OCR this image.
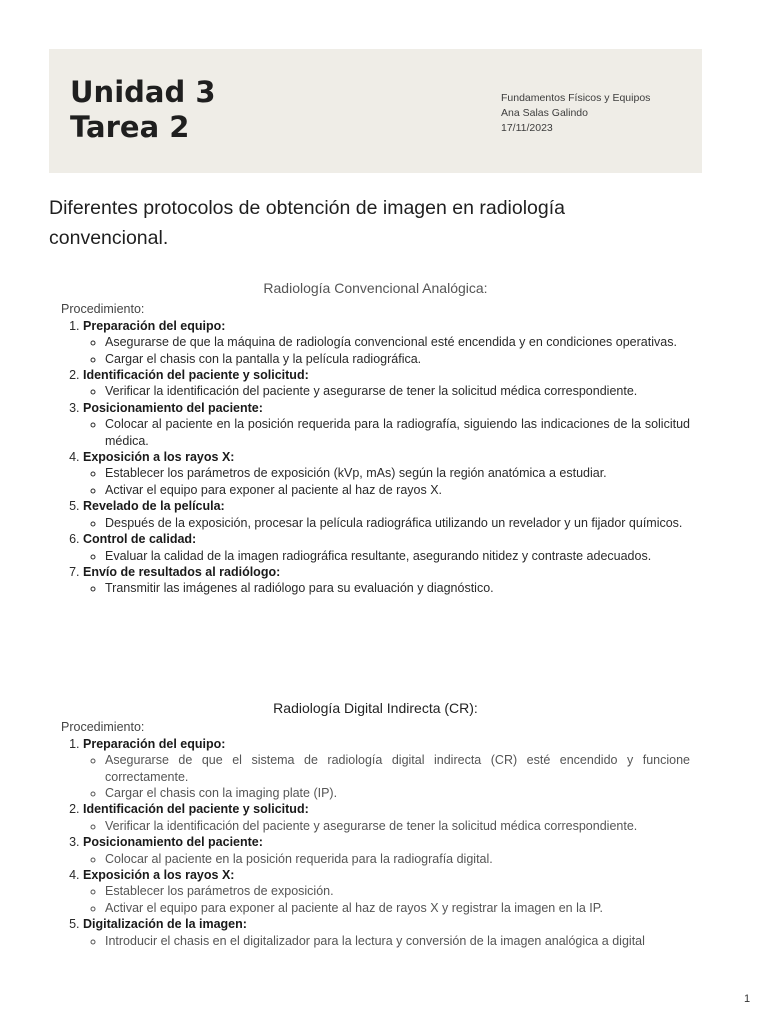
Unidad 3
Tarea 2
Fundamentos Físicos y Equipos
Ana Salas Galindo
17/11/2023

Diferentes protocolos de obtención de imagen en radiología convencional.

Radiología Convencional Analógica:
Procedimiento:
1. Preparación del equipo:
◦ Asegurarse de que la máquina de radiología convencional esté encendida y en condiciones operativas.
◦ Cargar el chasis con la pantalla y la película radiográfica.
2. Identificación del paciente y solicitud:
◦ Verificar la identificación del paciente y asegurarse de tener la solicitud médica correspondiente.
3. Posicionamiento del paciente:
◦ Colocar al paciente en la posición requerida para la radiografía, siguiendo las indicaciones de la solicitud médica.
4. Exposición a los rayos X:
◦ Establecer los parámetros de exposición (kVp, mAs) según la región anatómica a estudiar.
◦ Activar el equipo para exponer al paciente al haz de rayos X.
5. Revelado de la película:
◦ Después de la exposición, procesar la película radiográfica utilizando un revelador y un fijador químicos.
6. Control de calidad:
◦ Evaluar la calidad de la imagen radiográfica resultante, asegurando nitidez y contraste adecuados.
7. Envío de resultados al radiólogo:
◦ Transmitir las imágenes al radiólogo para su evaluación y diagnóstico.
Radiología Digital Indirecta (CR):
Procedimiento:
1. Preparación del equipo:
◦ Asegurarse de que el sistema de radiología digital indirecta (CR) esté encendido y funcione correctamente.
◦ Cargar el chasis con la imaging plate (IP).
2. Identificación del paciente y solicitud:
◦ Verificar la identificación del paciente y asegurarse de tener la solicitud médica correspondiente.
3. Posicionamiento del paciente:
◦ Colocar al paciente en la posición requerida para la radiografía digital.
4. Exposición a los rayos X:
◦ Establecer los parámetros de exposición.
◦ Activar el equipo para exponer al paciente al haz de rayos X y registrar la imagen en la IP.
5. Digitalización de la imagen:
◦ Introducir el chasis en el digitalizador para la lectura y conversión de la imagen analógica a digital
1
